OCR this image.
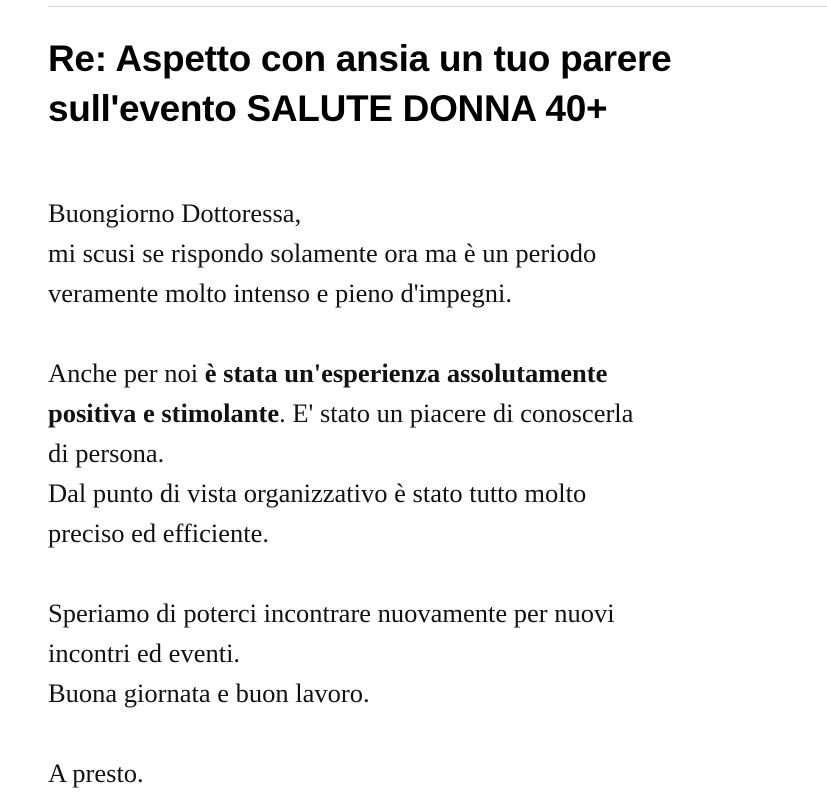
Re: Aspetto con ansia un tuo parere sull'evento SALUTE DONNA 40+

Buongiorno Dottoressa,
mi scusi se rispondo solamente ora ma è un periodo
veramente molto intenso e pieno d'impegni.

Anche per noi è stata un'esperienza assolutamente
positiva e stimolante. E' stato un piacere di conoscerla
di persona.
Dal punto di vista organizzativo è stato tutto molto
preciso ed efficiente.

Speriamo di poterci incontrare nuovamente per nuovi
incontri ed eventi.
Buona giornata e buon lavoro.

A presto.
